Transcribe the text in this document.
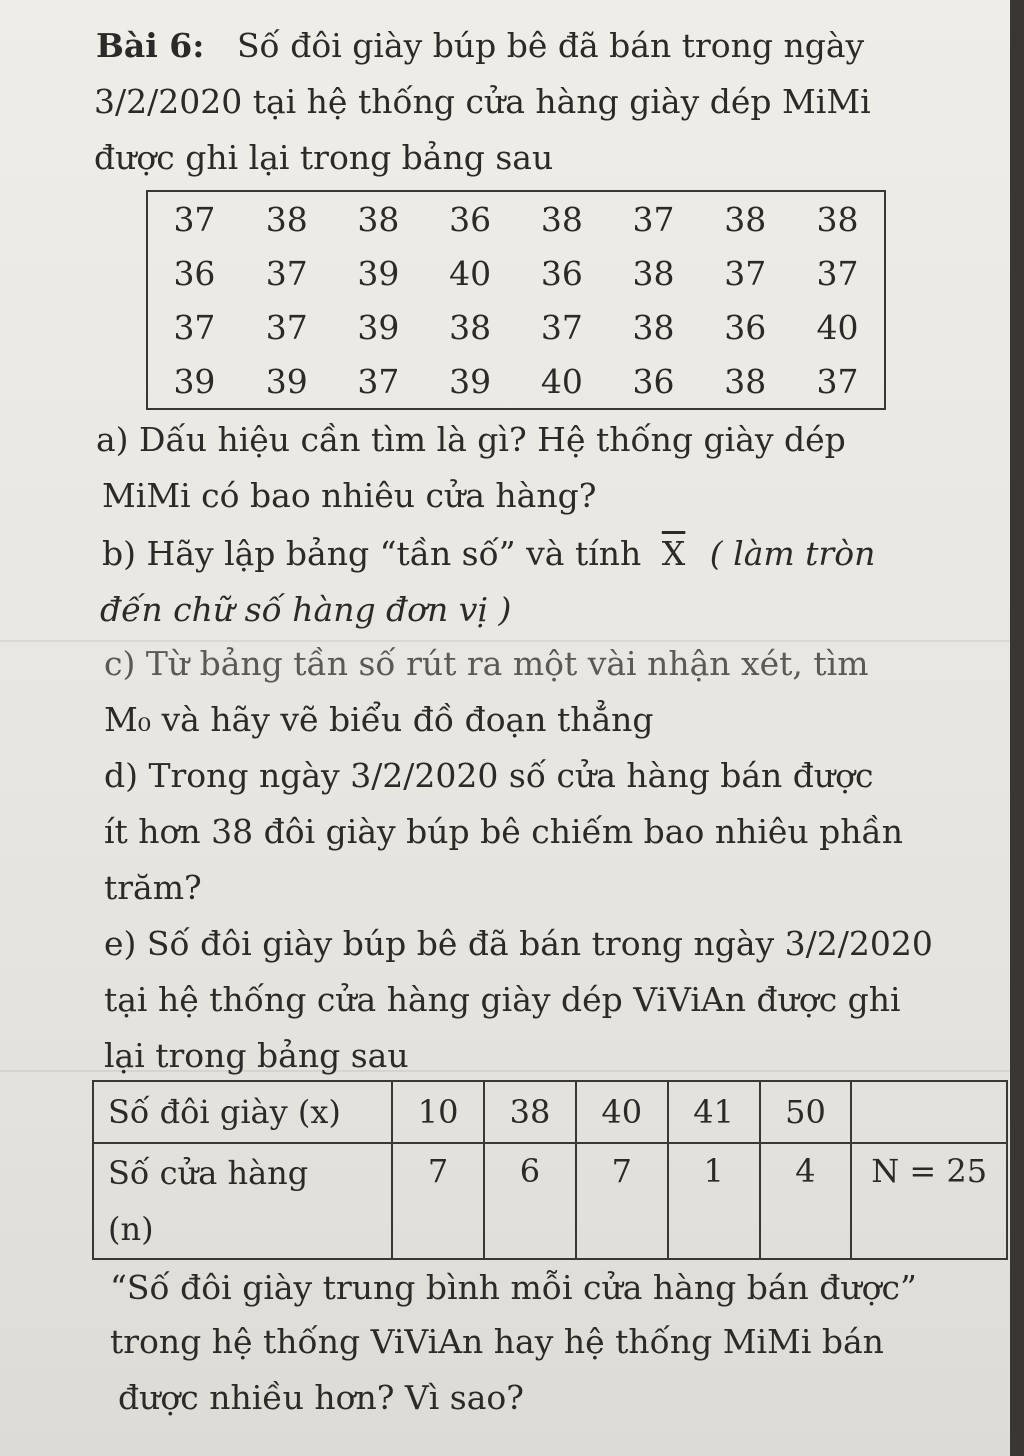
Bài 6: Số đôi giày búp bê đã bán trong ngày
3/2/2020 tại hệ thống cửa hàng giày dép MiMi
được ghi lại trong bảng sau
37	38	38	36	38	37	38	38
36	37	39	40	36	38	37	37
37	37	39	38	37	38	36	40
39	39	37	39	40	36	38	37
a) Dấu hiệu cần tìm là gì? Hệ thống giày dép
MiMi có bao nhiêu cửa hàng?
b) Hãy lập bảng “tần số” và tính $\overline{X}$ ( làm tròn
đến chữ số hàng đơn vị )
c) Từ bảng tần số rút ra một vài nhận xét, tìm
M₀ và hãy vẽ biểu đồ đoạn thẳng
d) Trong ngày 3/2/2020 số cửa hàng bán được
ít hơn 38 đôi giày búp bê chiếm bao nhiêu phần
trăm?
e) Số đôi giày búp bê đã bán trong ngày 3/2/2020
tại hệ thống cửa hàng giày dép ViViAn được ghi
lại trong bảng sau
Số đôi giày (x)	10	38	40	41	50	
Số cửa hàng
(n)	7	6	7	1	4	N = 25
“Số đôi giày trung bình mỗi cửa hàng bán được”
trong hệ thống ViViAn hay hệ thống MiMi bán
được nhiều hơn? Vì sao?
